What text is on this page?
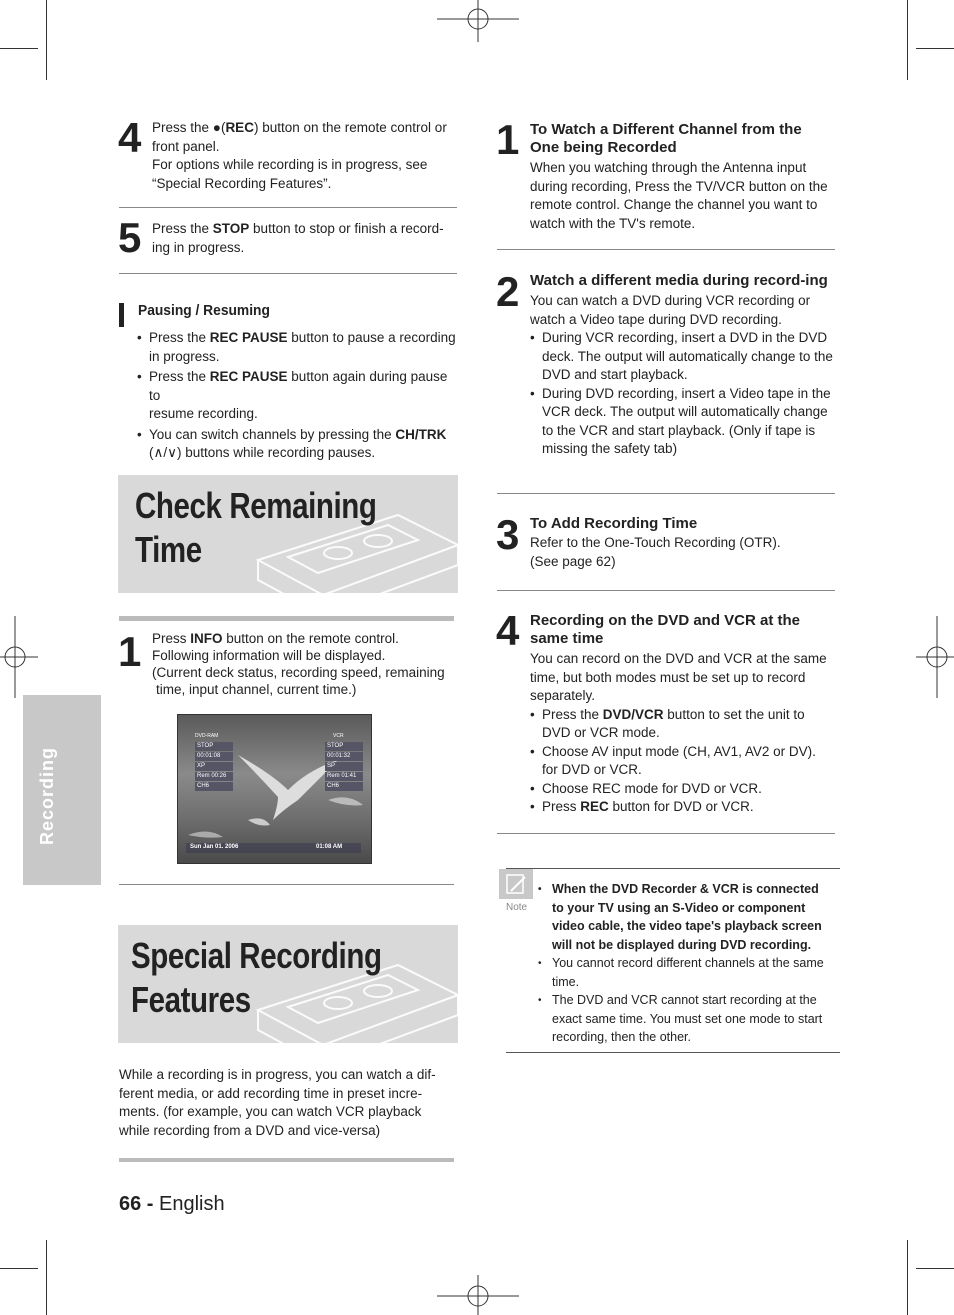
Recording
4 Press the ●(REC) button on the remote control or
front panel.
For options while recording is in progress, see
“Special Recording Features”.
5 Press the STOP button to stop or finish a record-
ing in progress.
Pausing / Resuming
• Press the REC PAUSE button to pause a recording
in progress.
• Press the REC PAUSE button again during pause to
resume recording.
• You can switch channels by pressing the CH/TRK
(∧/∨) buttons while recording pauses.
Check Remaining Time
1 Press INFO button on the remote control.
Following information will be displayed.
(Current deck status, recording speed, remaining
time, input channel, current time.)
DVD-RAM	VCR
STOP
00:01:08
XP
Rem 00:26
CH6
STOP
00:01:32
SP
Rem 01:41
CH6
Sun Jan 01. 2006	01:08 AM
Special Recording
Features
While a recording is in progress, you can watch a dif-ferent media, or add recording time in preset incre-ments. (for example, you can watch VCR playback while recording from a DVD and vice-versa)
66 - English
1 To Watch a Different Channel from the One being Recorded
When you watching through the Antenna input during recording, Press the TV/VCR button on the remote control. Change the channel you want to watch with the TV's remote.
2 Watch a different media during record-ing
You can watch a DVD during VCR recording or watch a Video tape during DVD recording.
• During VCR recording, insert a DVD in the DVD deck. The output will automatically change to the DVD and start playback.
• During DVD recording, insert a Video tape in the VCR deck. The output will automatically change to the VCR and start playback. (Only if tape is missing the safety tab)
3 To Add Recording Time
Refer to the One-Touch Recording (OTR).
(See page 62)
4 Recording on the DVD and VCR at the same time
You can record on the DVD and VCR at the same time, but both modes must be set up to record separately.
• Press the DVD/VCR button to set the unit to DVD or VCR mode.
• Choose AV input mode (CH, AV1, AV2 or DV). for DVD or VCR.
• Choose REC mode for DVD or VCR.
• Press REC button for DVD or VCR.
Note
• When the DVD Recorder & VCR is connected to your TV using an S-Video or component video cable, the video tape's playback screen will not be displayed during DVD recording.
• You cannot record different channels at the same time.
• The DVD and VCR cannot start recording at the exact same time. You must set one mode to start recording, then the other.
